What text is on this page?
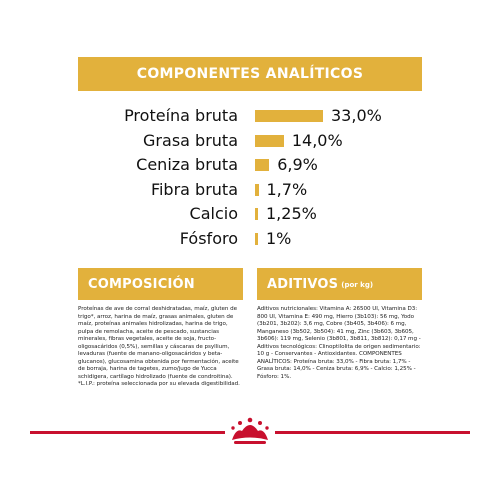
COMPONENTES ANALÍTICOS
Proteína bruta	33,0%
Grasa bruta	14,0%
Ceniza bruta 6,9%
Fibra bruta 1,7%
Calcio 1,25%
Fósforo 1%
COMPOSICIÓN
Proteínas de ave de corral deshidratadas, maíz, gluten de trigo*, arroz, harina de maíz, grasas animales, gluten de maíz, proteínas animales hidrolizadas, harina de trigo, pulpa de remolacha, aceite de pescado, sustancias minerales, fibras vegetales, aceite de soja, fructo-oligosacáridos (0,5%), semillas y cáscaras de psyllium, levaduras (fuente de manano-oligosacáridos y beta-glucanos), glucosamina obtenida por fermentación, aceite de borraja, harina de tagetes, zumo/jugo de Yucca schidigera, cartílago hidrolizado (fuente de condroitina). *L.I.P.: proteína seleccionada por su elevada digestibilidad.
ADITIVOS (por kg)
Aditivos nutricionales: Vitamina A: 26500 UI, Vitamina D3: 800 UI, Vitamina E: 490 mg, Hierro (3b103): 56 mg, Yodo (3b201, 3b202): 3,6 mg, Cobre (3b405, 3b406): 6 mg, Manganeso (3b502, 3b504): 41 mg, Zinc (3b603, 3b605, 3b606): 119 mg, Selenio (3b801, 3b811, 3b812): 0,17 mg - Aditivos tecnológicos: Clinoptilolita de origen sedimentario: 10 g - Conservantes - Antioxidantes. COMPONENTES ANALÍTICOS: Proteína bruta: 33,0% - Fibra bruta: 1,7% - Grasa bruta: 14,0% - Ceniza bruta: 6,9% - Calcio: 1,25% - Fósforo: 1%.
